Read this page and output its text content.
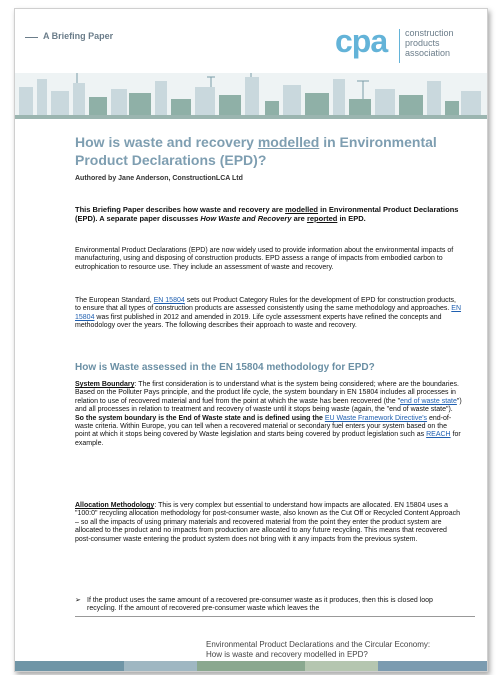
A Briefing Paper	cpa construction
products
association
How is waste and recovery modelled in Environmental Product Declarations (EPD)?
Authored by Jane Anderson, ConstructionLCA Ltd
This Briefing Paper describes how waste and recovery are modelled in Environmental Product Declarations (EPD). A separate paper discusses How Waste and Recovery are reported in EPD.
Environmental Product Declarations (EPD) are now widely used to provide information about the environmental impacts of manufacturing, using and disposing of construction products. EPD assess a range of impacts from embodied carbon to eutrophication to resource use. They include an assessment of waste and recovery.
The European Standard, EN 15804 sets out Product Category Rules for the development of EPD for construction products, to ensure that all types of construction products are assessed consistently using the same methodology and approaches. EN 15804 was first published in 2012 and amended in 2019. Life cycle assessment experts have refined the concepts and methodology over the years. The following describes their approach to waste and recovery.
How is Waste assessed in the EN 15804 methodology for EPD?
System Boundary: The first consideration is to understand what is the system being considered; where are the boundaries. Based on the Polluter Pays principle, and the product life cycle, the system boundary in EN 15804 includes all processes in relation to use of recovered material and fuel from the point at which the waste has been recovered (the "end of waste state") and all processes in relation to treatment and recovery of waste until it stops being waste (again, the "end of waste state"). So the system boundary is the End of Waste state and is defined using the EU Waste Framework Directive's end-of-waste criteria. Within Europe, you can tell when a recovered material or secondary fuel enters your system based on the point at which it stops being covered by Waste legislation and starts being covered by product legislation such as REACH for example.
Allocation Methodology: This is very complex but essential to understand how impacts are allocated. EN 15804 uses a "100:0" recycling allocation methodology for post-consumer waste, also known as the Cut Off or Recycled Content Approach – so all the impacts of using primary materials and recovered material from the point they enter the product system are allocated to the product and no impacts from production are allocated to any future recycling. This means that recovered post-consumer waste entering the product system does not bring with it any impacts from the previous system.
➢ If the product uses the same amount of a recovered pre-consumer waste as it produces, then this is closed loop recycling. If the amount of recovered pre-consumer waste which leaves the
Environmental Product Declarations and the Circular Economy:
How is waste and recovery modelled in EPD?
